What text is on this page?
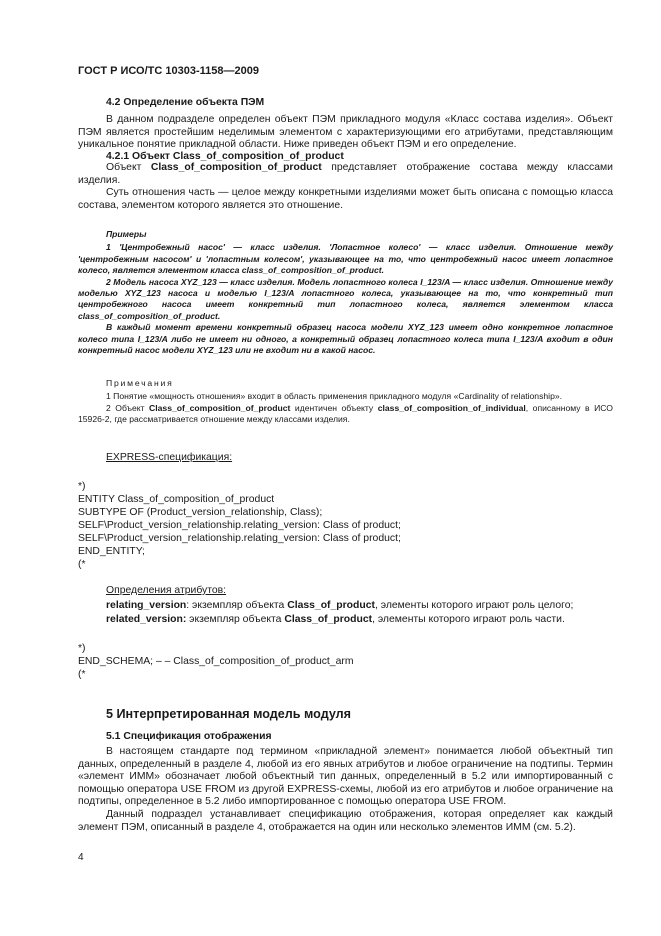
ГОСТ Р ИСО/ТС 10303-1158—2009

4.2 Определение объекта ПЭМ

В данном подразделе определен объект ПЭМ прикладного модуля «Класс состава изделия». Объект ПЭМ является простейшим неделимым элементом с характеризующими его атрибутами, представляющим уникальное понятие прикладной области. Ниже приведен объект ПЭМ и его определение.

4.2.1 Объект Class_of_composition_of_product

Объект Class_of_composition_of_product представляет отображение состава между классами изделия.

Суть отношения часть — целое между конкретными изделиями может быть описана с помощью класса состава, элементом которого является это отношение.

Примеры

1 'Центробежный насос' — класс изделия. 'Лопастное колесо' — класс изделия. Отношение между 'центробежным насосом' и 'лопастным колесом', указывающее на то, что центробежный насос имеет лопастное колесо, является элементом класса class_of_composition_of_product.

2 Модель насоса XYZ_123 — класс изделия. Модель лопастного колеса I_123/A — класс изделия. Отношение между моделью XYZ_123 насоса и моделью I_123/A лопастного колеса, указывающее на то, что конкретный тип центробежного насоса имеет конкретный тип лопастного колеса, является элементом класса class_of_composition_of_product.

В каждый момент времени конкретный образец насоса модели XYZ_123 имеет одно конкретное лопастное колесо типа I_123/A либо не имеет ни одного, а конкретный образец лопастного колеса типа I_123/A входит в один конкретный насос модели XYZ_123 или не входит ни в какой насос.

Примечания

1 Понятие «мощность отношения» входит в область применения прикладного модуля «Cardinality of relationship».

2 Объект Class_of_composition_of_product идентичен объекту class_of_composition_of_individual, описанному в ИСО 15926-2, где рассматривается отношение между классами изделия.

EXPRESS-спецификация:

*)
ENTITY Class_of_composition_of_product
SUBTYPE OF (Product_version_relationship, Class);
SELF\Product_version_relationship.relating_version: Class of product;
SELF\Product_version_relationship.relating_version: Class of product;
END_ENTITY;
(*

Определения атрибутов:

relating_version: экземпляр объекта Class_of_product, элементы которого играют роль целого;

related_version: экземпляр объекта Class_of_product, элементы которого играют роль части.

*)
END_SCHEMA; – – Class_of_composition_of_product_arm
(*

5 Интерпретированная модель модуля

5.1 Спецификация отображения

В настоящем стандарте под термином «прикладной элемент» понимается любой объектный тип данных, определенный в разделе 4, любой из его явных атрибутов и любое ограничение на подтипы. Термин «элемент ИММ» обозначает любой объектный тип данных, определенный в 5.2 или импортированный с помощью оператора USE FROM из другой EXPRESS-схемы, любой из его атрибутов и любое ограничение на подтипы, определенное в 5.2 либо импортированное с помощью оператора USE FROM.

Данный подраздел устанавливает спецификацию отображения, которая определяет как каждый элемент ПЭМ, описанный в разделе 4, отображается на один или несколько элементов ИММ (см. 5.2).

4
